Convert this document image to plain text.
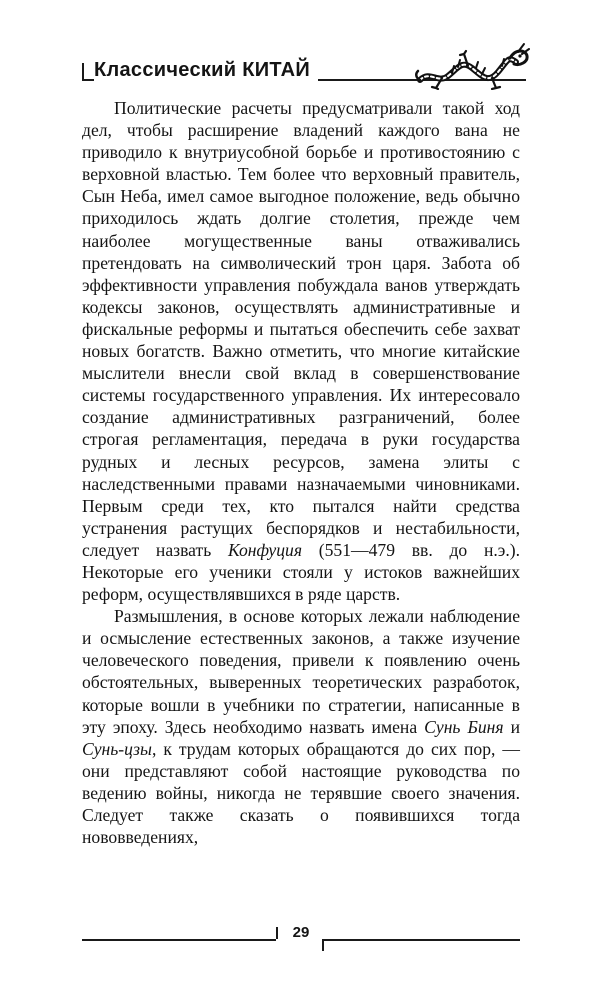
Классический КИТАЙ

Политические расчеты предусматривали такой ход дел, чтобы расширение владений каждого вана не приводило к внутриусобной борьбе и противостоянию с верховной властью. Тем более что верховный правитель, Сын Неба, имел самое выгодное положение, ведь обычно приходилось ждать долгие столетия, прежде чем наиболее могущественные ваны отваживались претендовать на символический трон царя. Забота об эффективности управления побуждала ванов утверждать кодексы законов, осуществлять административные и фискальные реформы и пытаться обеспечить себе захват новых богатств. Важно отметить, что многие китайские мыслители внесли свой вклад в совершенствование системы государственного управления. Их интересовало создание административных разграничений, более строгая регламентация, передача в руки государства рудных и лесных ресурсов, замена элиты с наследственными правами назначаемыми чиновниками. Первым среди тех, кто пытался найти средства устранения растущих беспорядков и нестабильности, следует назвать Конфуция (551—479 вв. до н.э.). Некоторые его ученики стояли у истоков важнейших реформ, осуществлявшихся в ряде царств.

Размышления, в основе которых лежали наблюдение и осмысление естественных законов, а также изучение человеческого поведения, привели к появлению очень обстоятельных, выверенных теоретических разработок, которые вошли в учебники по стратегии, написанные в эту эпоху. Здесь необходимо назвать имена Сунь Биня и Сунь-цзы, к трудам которых обращаются до сих пор, — они представляют собой настоящие руководства по ведению войны, никогда не терявшие своего значения. Следует также сказать о появившихся тогда нововведениях,

29
